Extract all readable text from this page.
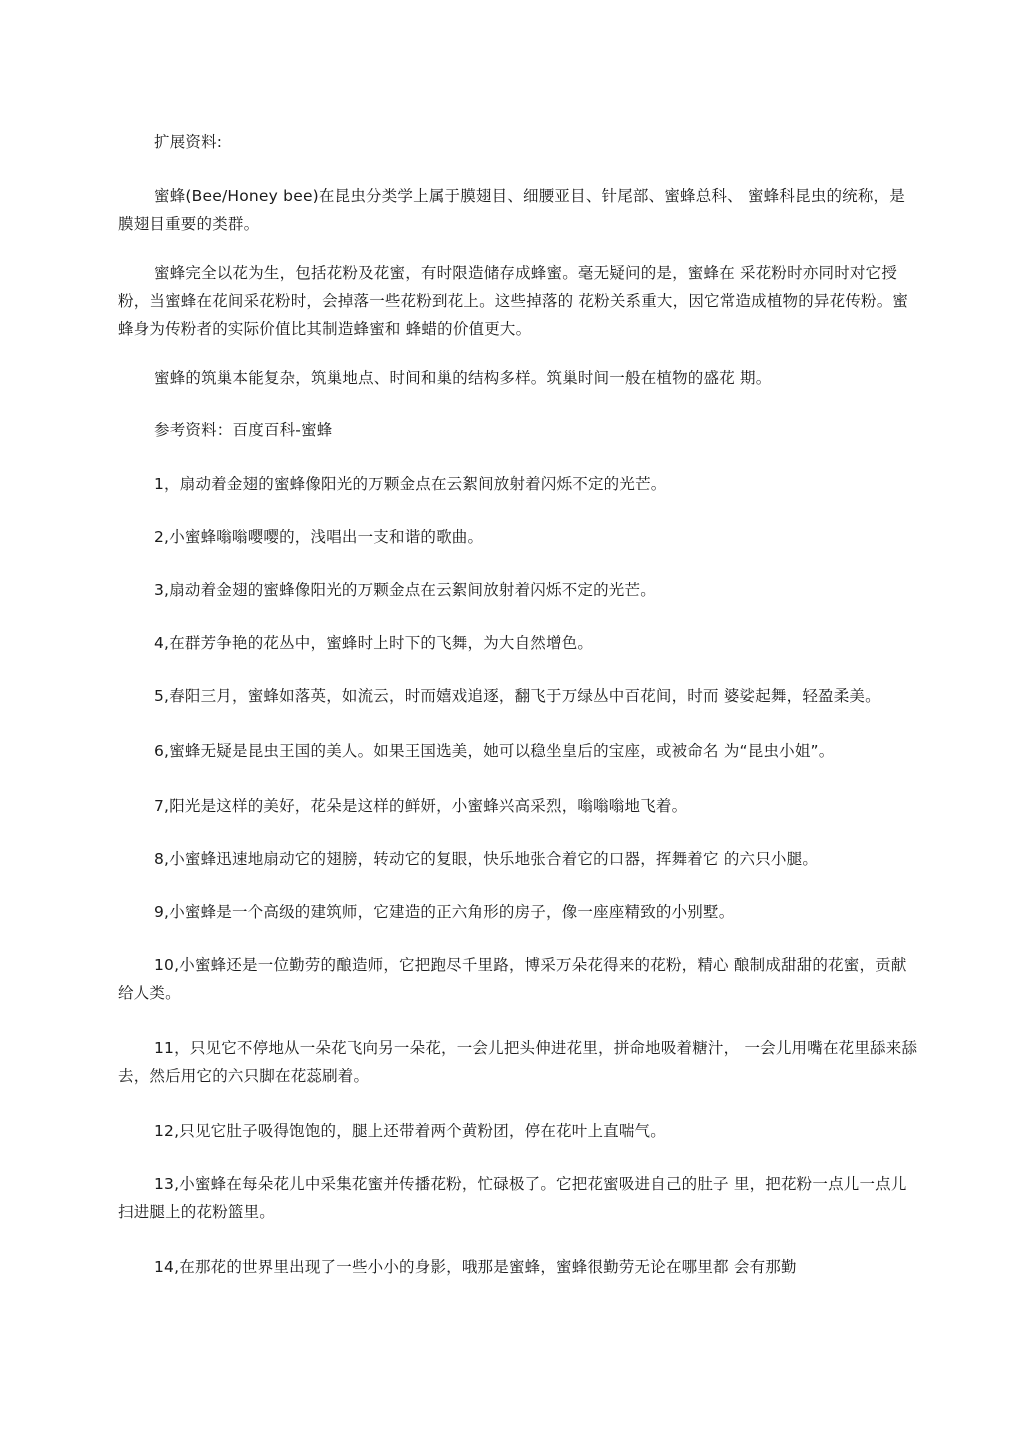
扩展资料:

蜜蜂(Bee/Honey bee)在昆虫分类学上属于膜翅目、细腰亚目、针尾部、蜜蜂总科、 蜜蜂科昆虫的统称，是膜翅目重要的类群。

蜜蜂完全以花为生，包括花粉及花蜜，有时限造储存成蜂蜜。毫无疑问的是，蜜蜂在 采花粉时亦同时对它授粉，当蜜蜂在花间采花粉时，会掉落一些花粉到花上。这些掉落的 花粉关系重大，因它常造成植物的异花传粉。蜜蜂身为传粉者的实际价值比其制造蜂蜜和 蜂蜡的价值更大。

蜜蜂的筑巢本能复杂，筑巢地点、时间和巢的结构多样。筑巢时间一般在植物的盛花 期。

参考资料：百度百科-蜜蜂

1，扇动着金翅的蜜蜂像阳光的万颗金点在云絮间放射着闪烁不定的光芒。

2,小蜜蜂嗡嗡嘤嘤的，浅唱出一支和谐的歌曲。

3,扇动着金翅的蜜蜂像阳光的万颗金点在云絮间放射着闪烁不定的光芒。

4,在群芳争艳的花丛中，蜜蜂时上时下的飞舞，为大自然增色。

5,春阳三月，蜜蜂如落英，如流云，时而嬉戏追逐，翻飞于万绿丛中百花间，时而 婆娑起舞，轻盈柔美。

6,蜜蜂无疑是昆虫王国的美人。如果王国选美，她可以稳坐皇后的宝座，或被命名 为“昆虫小姐”。

7,阳光是这样的美好，花朵是这样的鲜妍，小蜜蜂兴高采烈，嗡嗡嗡地飞着。

8,小蜜蜂迅速地扇动它的翅膀，转动它的复眼，快乐地张合着它的口器，挥舞着它 的六只小腿。

9,小蜜蜂是一个高级的建筑师，它建造的正六角形的房子，像一座座精致的小别墅。

10,小蜜蜂还是一位勤劳的酿造师，它把跑尽千里路，博采万朵花得来的花粉，精心 酿制成甜甜的花蜜，贡献给人类。

11，只见它不停地从一朵花飞向另一朵花，一会儿把头伸进花里，拼命地吸着糖汁， 一会儿用嘴在花里舔来舔去，然后用它的六只脚在花蕊刷着。

12,只见它肚子吸得饱饱的，腿上还带着两个黄粉团，停在花叶上直喘气。

13,小蜜蜂在每朵花儿中采集花蜜并传播花粉，忙碌极了。它把花蜜吸进自己的肚子 里，把花粉一点儿一点儿扫进腿上的花粉篮里。

14,在那花的世界里出现了一些小小的身影，哦那是蜜蜂，蜜蜂很勤劳无论在哪里都 会有那勤
